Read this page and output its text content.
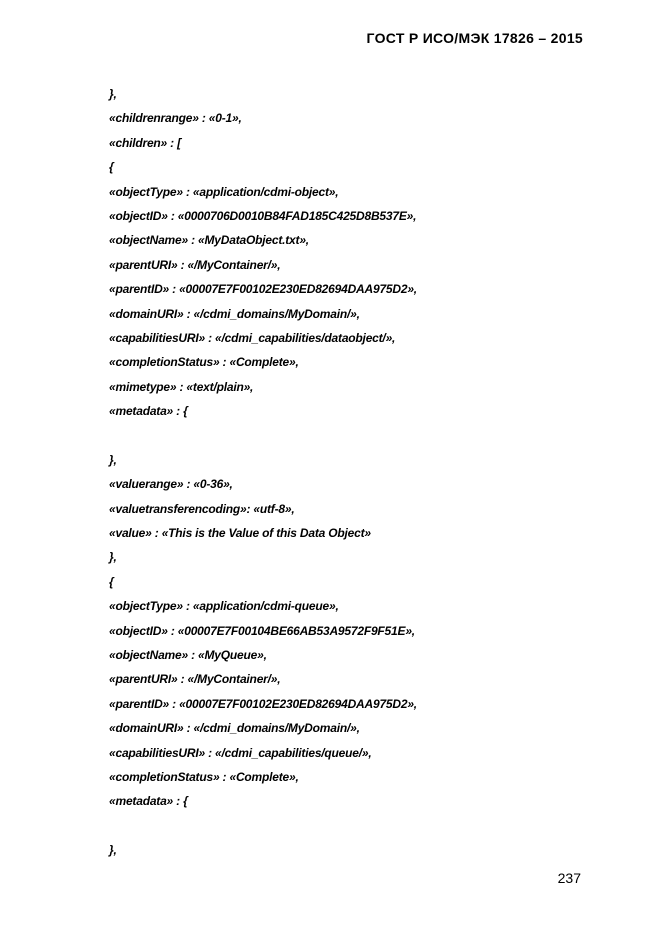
ГОСТ Р ИСО/МЭК 17826 – 2015
},
«childrenrange» : «0-1»,
«children» : [
{
«objectType» : «application/cdmi-object»,
«objectID» : «0000706D0010B84FAD185C425D8B537E»,
«objectName» : «MyDataObject.txt»,
«parentURI» : «/MyContainer/»,
«parentID» : «00007E7F00102E230ED82694DAA975D2»,
«domainURI» : «/cdmi_domains/MyDomain/»,
«capabilitiesURI» : «/cdmi_capabilities/dataobject/»,
«completionStatus» : «Complete»,
«mimetype» : «text/plain»,
«metadata» : {
},
«valuerange» : «0-36»,
«valuetransferencoding»: «utf-8»,
«value» : «This is the Value of this Data Object»
},
{
«objectType» : «application/cdmi-queue»,
«objectID» : «00007E7F00104BE66AB53A9572F9F51E»,
«objectName» : «MyQueue»,
«parentURI» : «/MyContainer/»,
«parentID» : «00007E7F00102E230ED82694DAA975D2»,
«domainURI» : «/cdmi_domains/MyDomain/»,
«capabilitiesURI» : «/cdmi_capabilities/queue/»,
«completionStatus» : «Complete»,
«metadata» : {
},
237
